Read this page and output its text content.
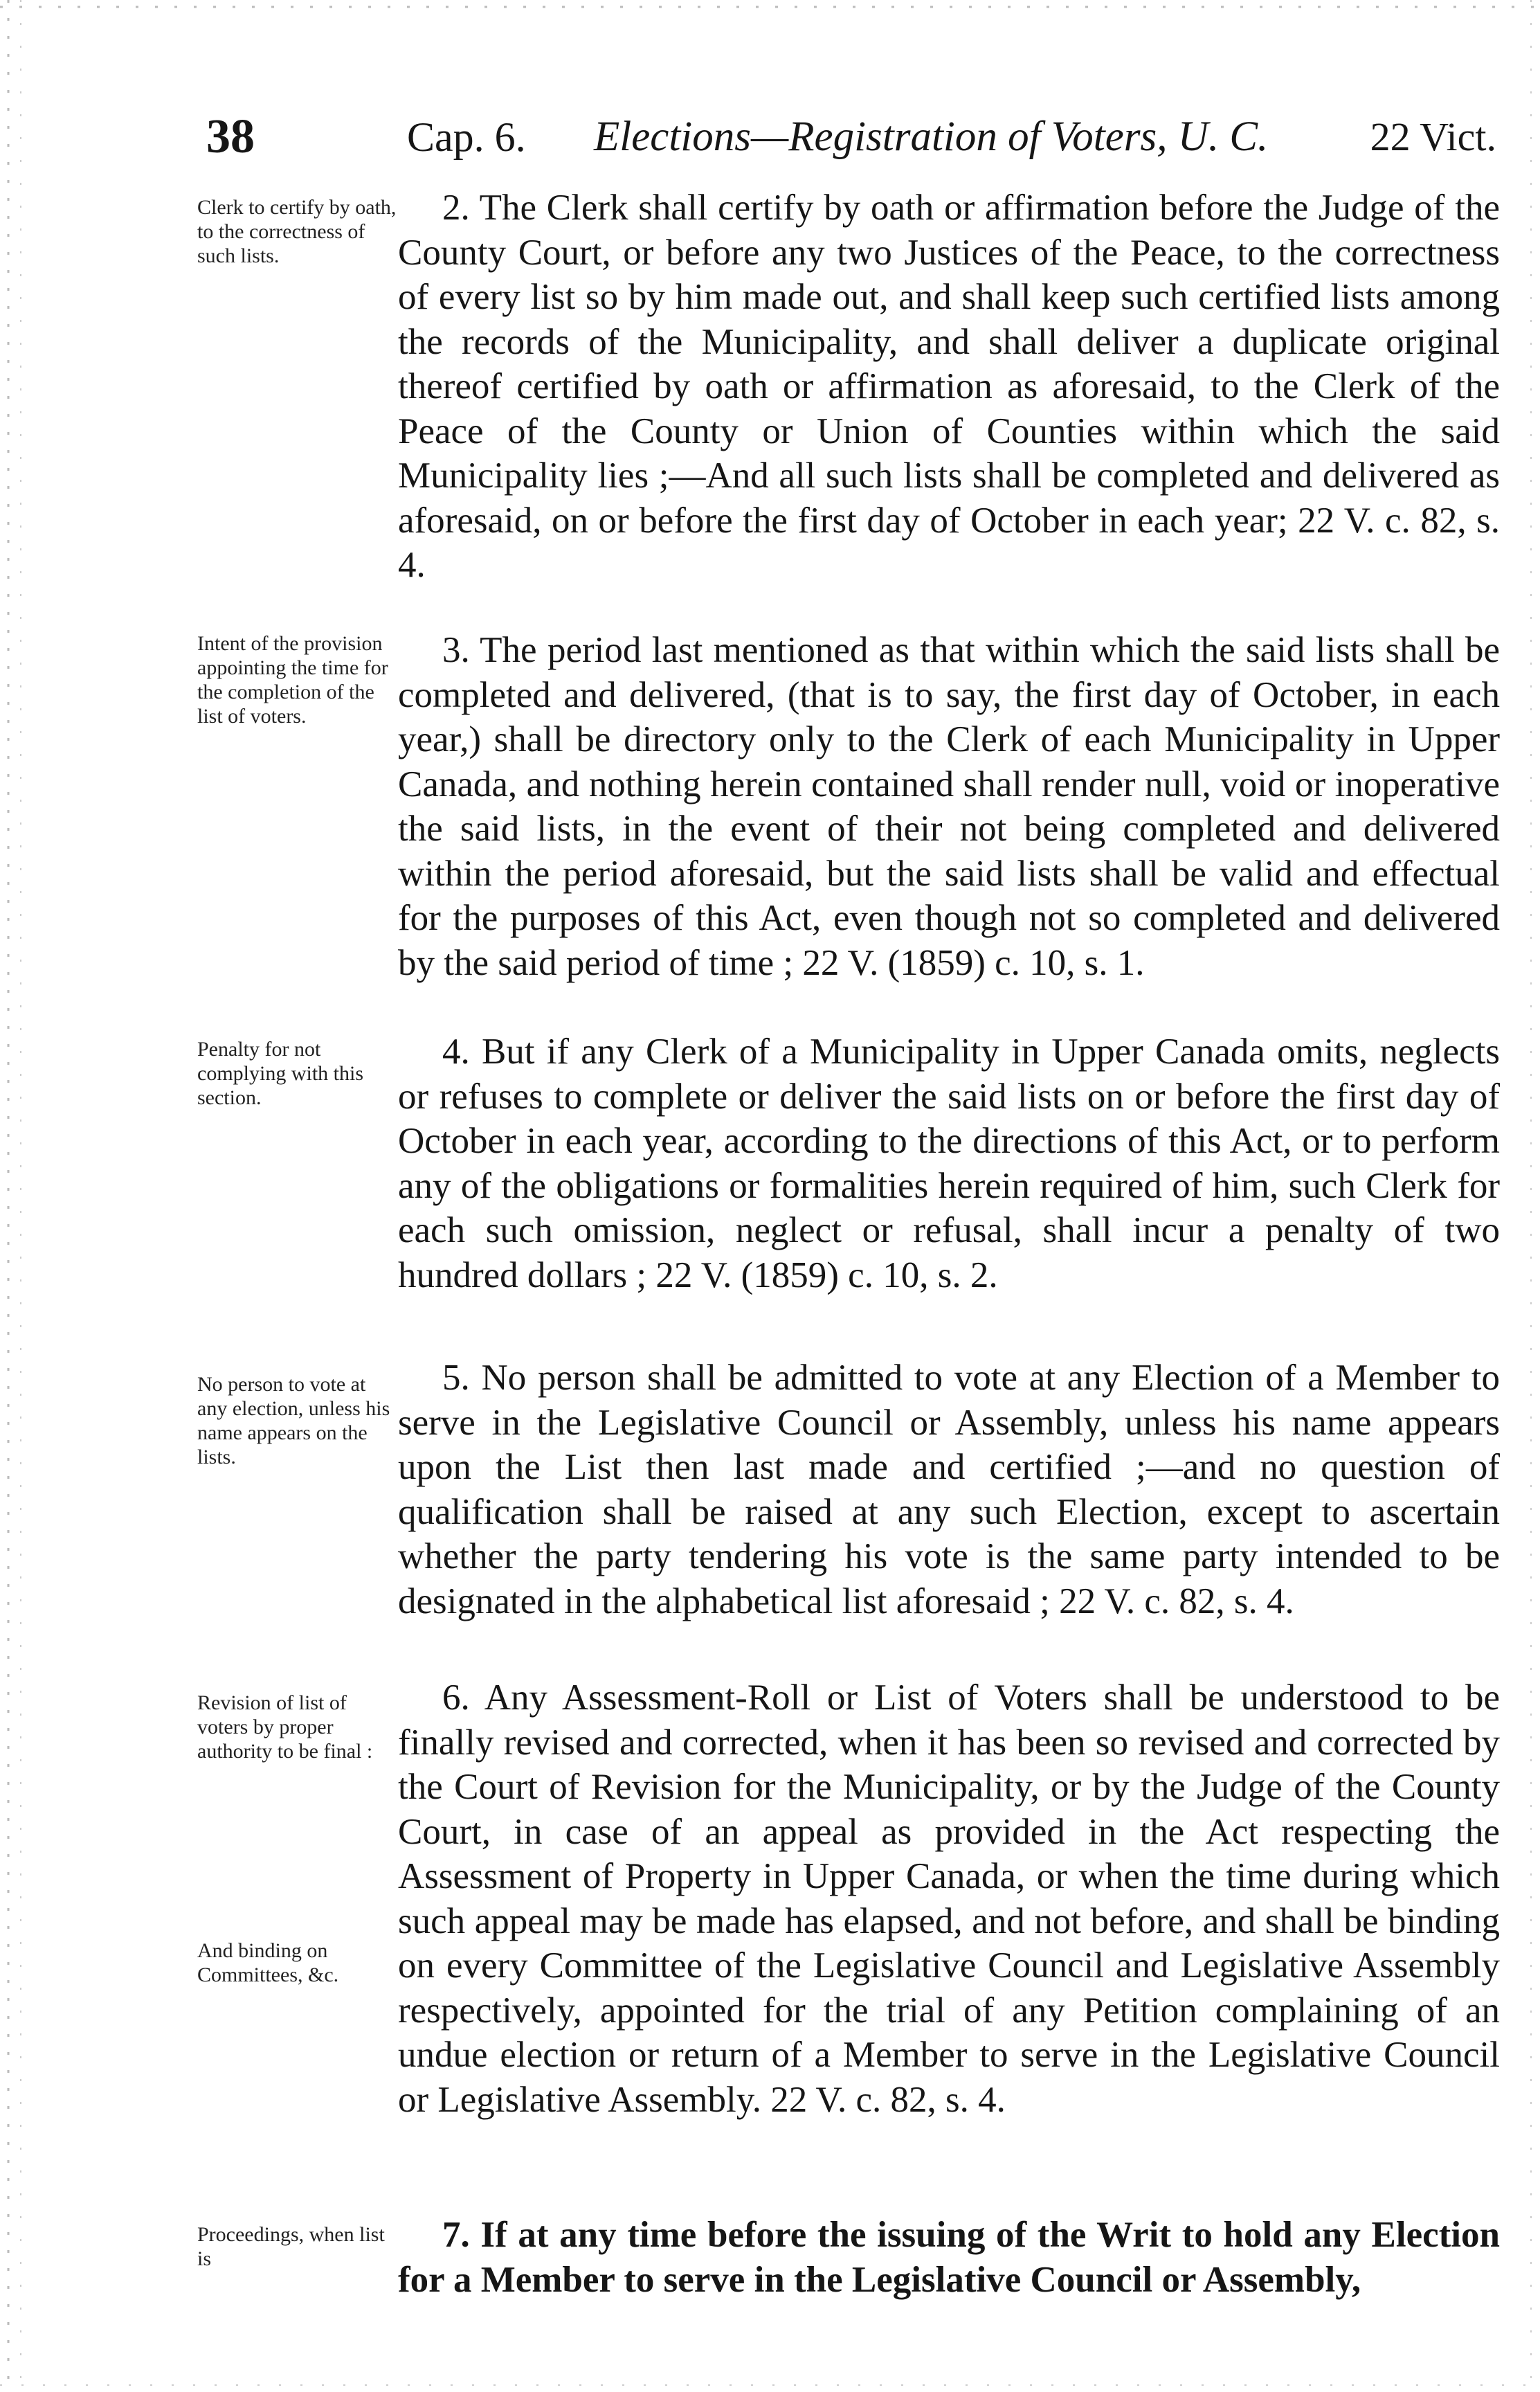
38	Cap. 6. Elections—Registration of Voters, U. C.	22 Vict.
Clerk to certify by oath, to the correctness of such lists.
2. The Clerk shall certify by oath or affirmation before the Judge of the County Court, or before any two Justices of the Peace, to the correctness of every list so by him made out, and shall keep such certified lists among the records of the Municipality, and shall deliver a duplicate original thereof certified by oath or affirmation as aforesaid, to the Clerk of the Peace of the County or Union of Counties within which the said Municipality lies ;—And all such lists shall be completed and delivered as aforesaid, on or before the first day of October in each year; 22 V. c. 82, s. 4.
Intent of the provision appointing the time for the completion of the list of voters.
3. The period last mentioned as that within which the said lists shall be completed and delivered, (that is to say, the first day of October, in each year,) shall be directory only to the Clerk of each Municipality in Upper Canada, and nothing herein contained shall render null, void or inoperative the said lists, in the event of their not being completed and delivered within the period aforesaid, but the said lists shall be valid and effectual for the purposes of this Act, even though not so completed and delivered by the said period of time ; 22 V. (1859) c. 10, s. 1.
Penalty for not complying with this section.
4. But if any Clerk of a Municipality in Upper Canada omits, neglects or refuses to complete or deliver the said lists on or before the first day of October in each year, according to the directions of this Act, or to perform any of the obligations or formalities herein required of him, such Clerk for each such omission, neglect or refusal, shall incur a penalty of two hundred dollars ; 22 V. (1859) c. 10, s. 2.
No person to vote at any election, unless his name appears on the lists.
5. No person shall be admitted to vote at any Election of a Member to serve in the Legislative Council or Assembly, unless his name appears upon the List then last made and certified ;—and no question of qualification shall be raised at any such Election, except to ascertain whether the party tendering his vote is the same party intended to be designated in the alphabetical list aforesaid ; 22 V. c. 82, s. 4.
Revision of list of voters by proper authority to be final :
And binding on Committees, &c.
6. Any Assessment-Roll or List of Voters shall be understood to be finally revised and corrected, when it has been so revised and corrected by the Court of Revision for the Municipality, or by the Judge of the County Court, in case of an appeal as provided in the Act respecting the Assessment of Property in Upper Canada, or when the time during which such appeal may be made has elapsed, and not before, and shall be binding on every Committee of the Legislative Council and Legislative Assembly respectively, appointed for the trial of any Petition complaining of an undue election or return of a Member to serve in the Legislative Council or Legislative Assembly. 22 V. c. 82, s. 4.
Proceedings, when list is
7. If at any time before the issuing of the Writ to hold any Election for a Member to serve in the Legislative Council or Assembly,
